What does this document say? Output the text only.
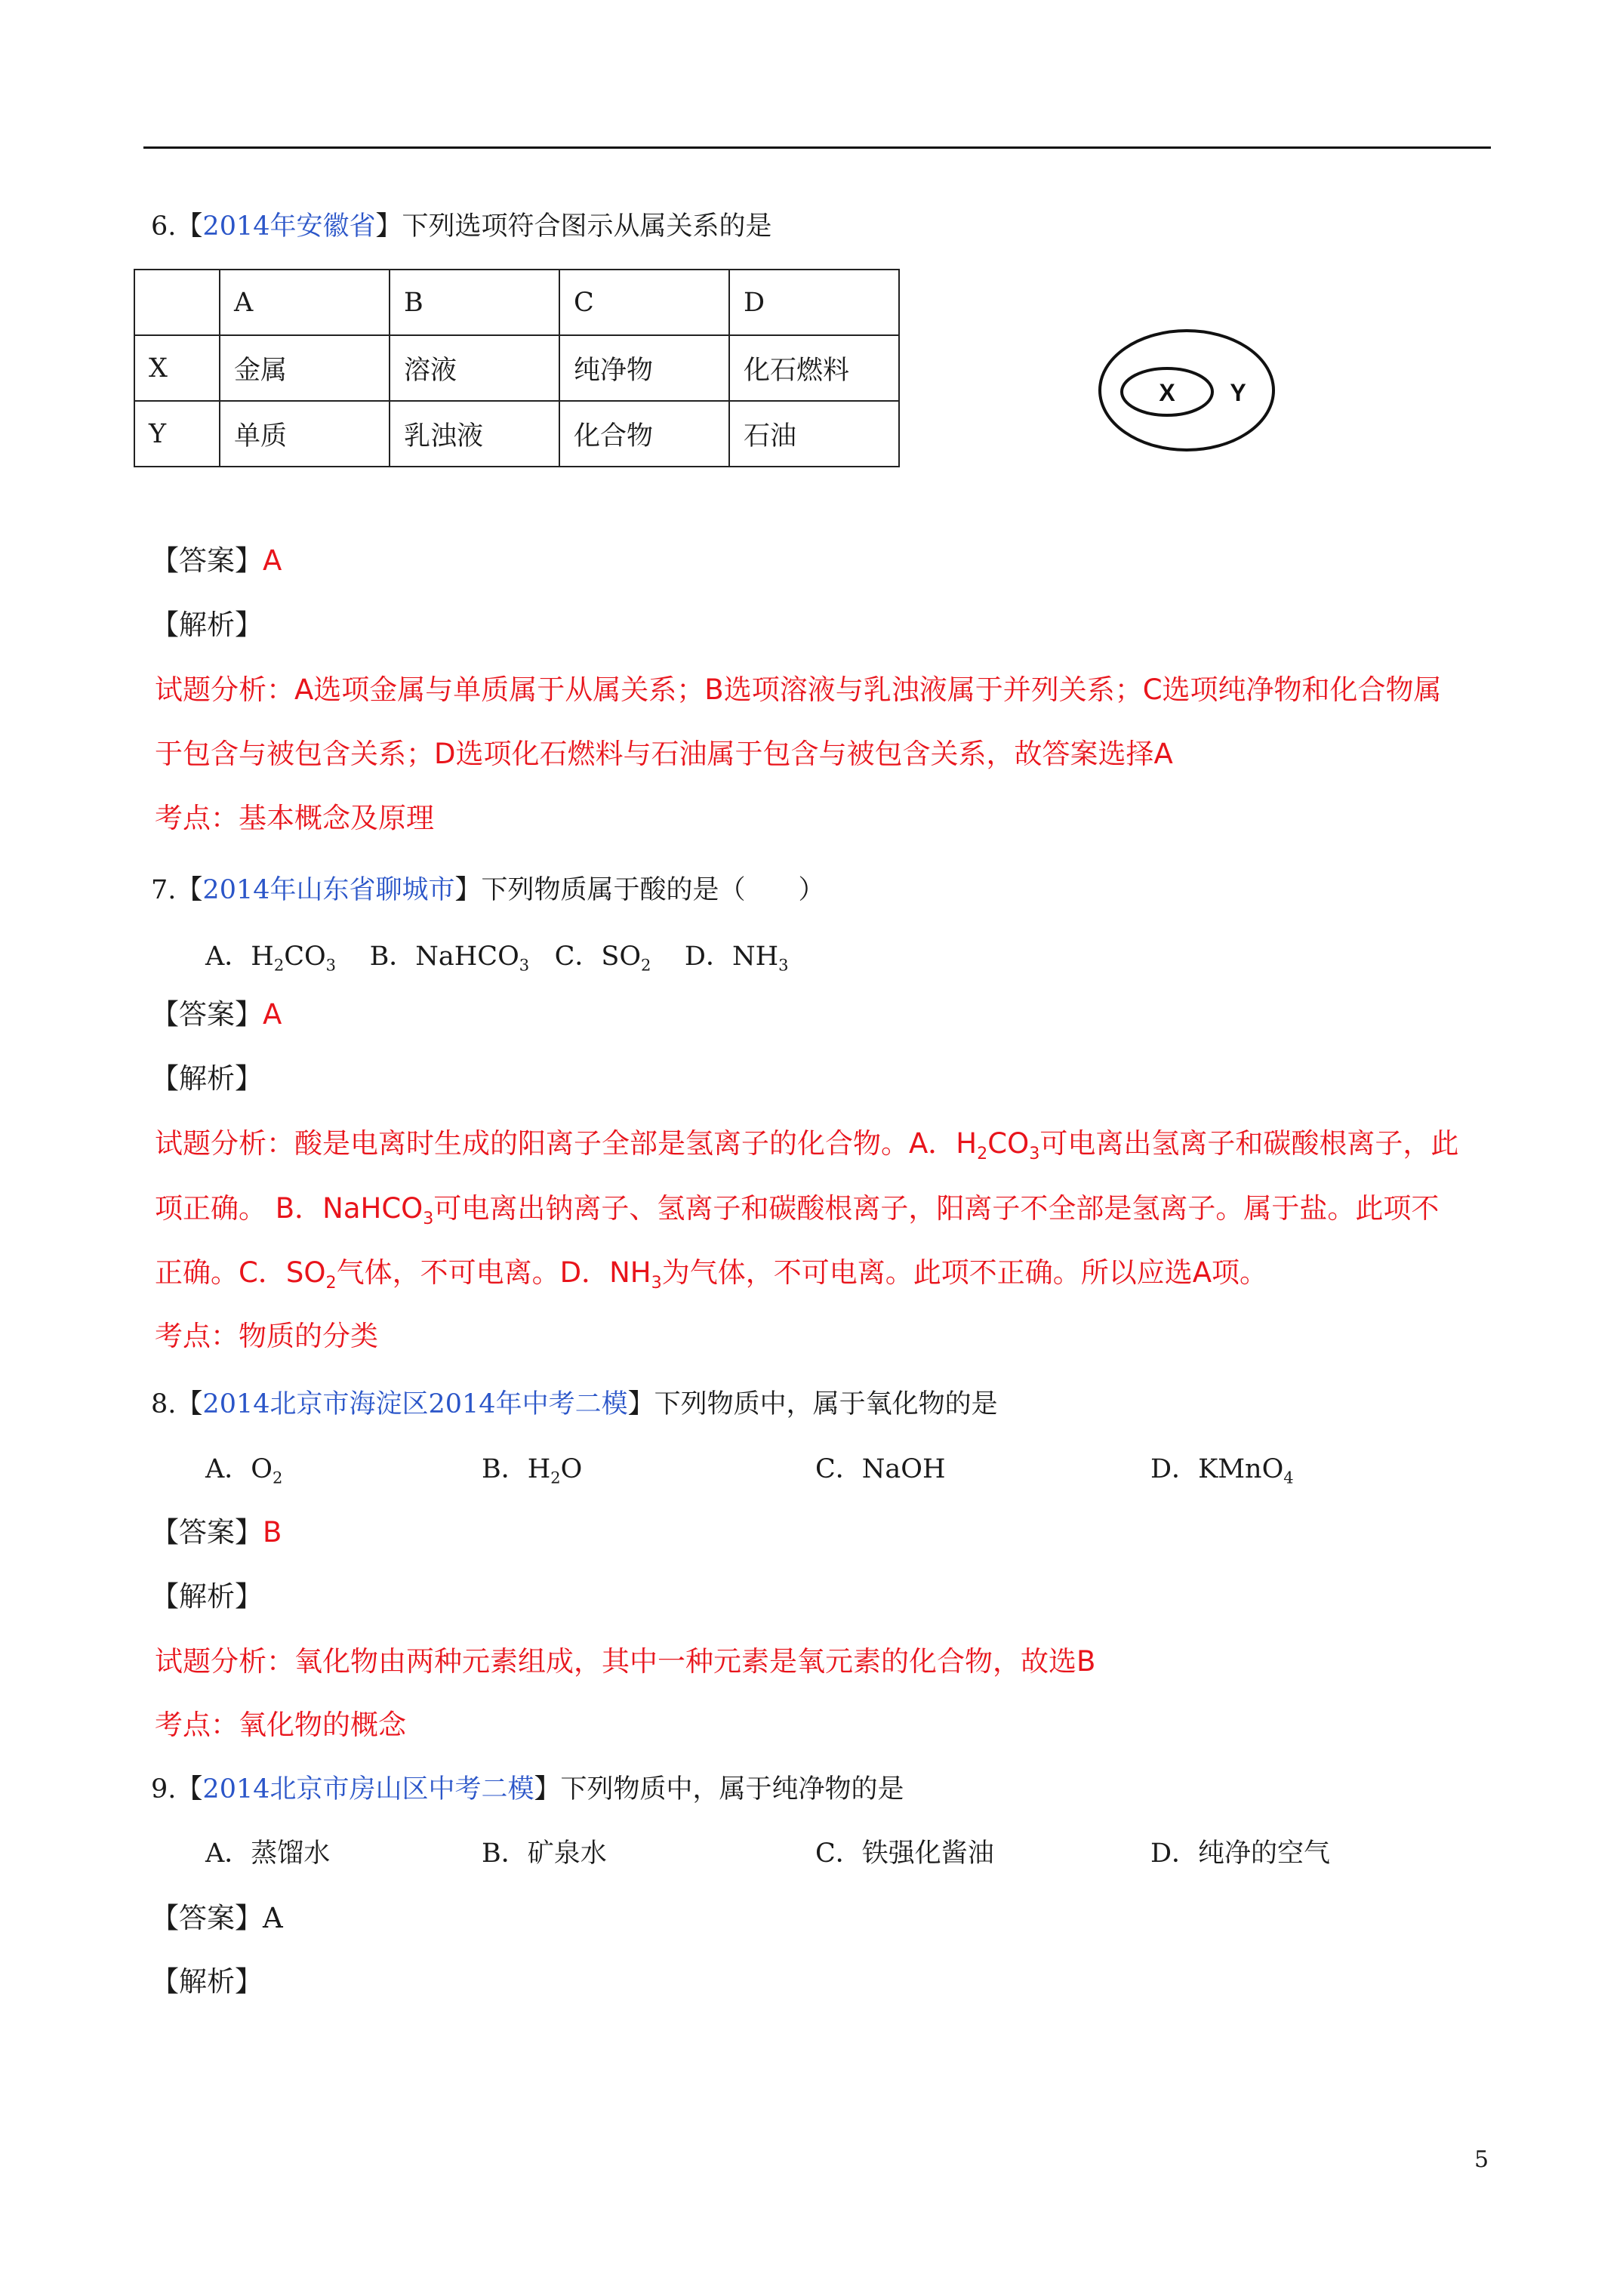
6.【2014年安徽省】下列选项符合图示从属关系的是
	A	B	C	D
X	金属	溶液	纯净物	化石燃料
Y	单质	乳浊液	化合物	石油
X Y
【答案】A
【解析】
试题分析：A选项金属与单质属于从属关系；B选项溶液与乳浊液属于并列关系；C选项纯净物和化合物属
于包含与被包含关系；D选项化石燃料与石油属于包含与被包含关系，故答案选择A
考点：基本概念及原理
7.【2014年山东省聊城市】下列物质属于酸的是（　　）
A．$H_2CO_3$ B．NaHCO$_3$ C．$SO_2$ D．$NH_3$
【答案】A
【解析】
试题分析：酸是电离时生成的阳离子全部是氢离子的化合物。A．$H_2CO_3$可电离出氢离子和碳酸根离子，此
项正确。 B．NaHCO$_3$可电离出钠离子、氢离子和碳酸根离子，阳离子不全部是氢离子。属于盐。此项不
正确。C．$SO_2$气体，不可电离。D．$NH_3$为气体，不可电离。此项不正确。所以应选A项。
考点：物质的分类
8.【2014北京市海淀区2014年中考二模】下列物质中，属于氧化物的是
A．$O_2$	B．$H_2O$	C．NaOH	D．KMnO$_4$
【答案】B
【解析】
试题分析：氧化物由两种元素组成，其中一种元素是氧元素的化合物，故选B
考点：氧化物的概念
9.【2014北京市房山区中考二模】下列物质中，属于纯净物的是
A．蒸馏水	B．矿泉水	C．铁强化酱油	D．纯净的空气
【答案】A
【解析】
5
